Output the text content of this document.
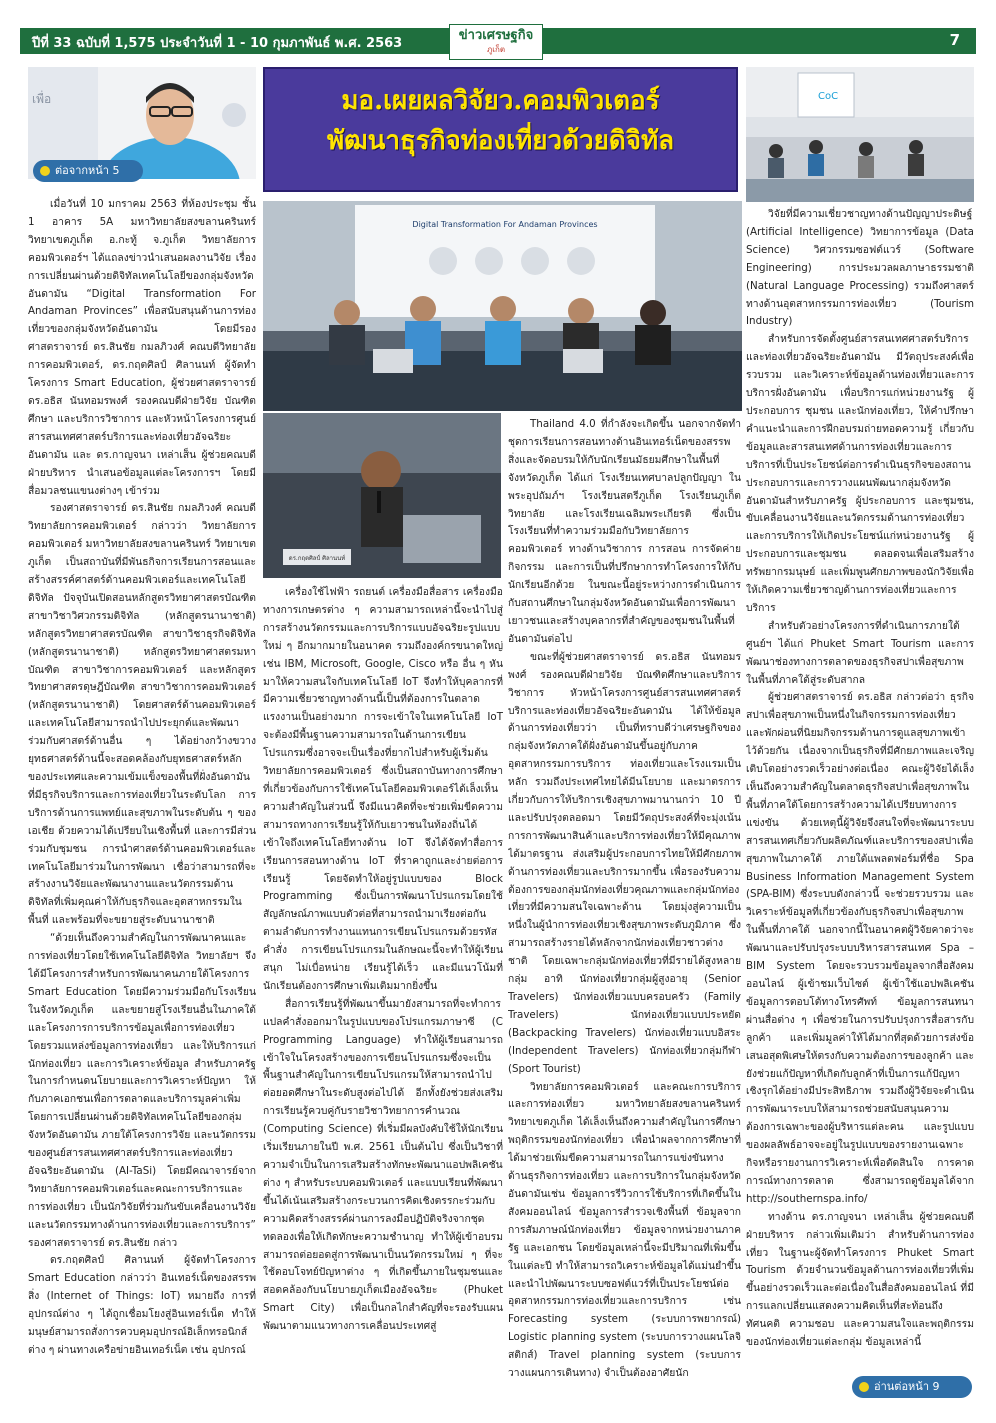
ปีที่ 33 ฉบับที่ 1,575 ประจำวันที่ 1 - 10 กุมภาพันธ์ พ.ศ. 2563	7
ข่าวเศรษฐกิจ
ภูเก็ต
เพื่อ
ต่อจากหน้า 5
มอ.เผยผลวิจัยว.คอมพิวเตอร์
พัฒนาธุรกิจท่องเที่ยวด้วยดิจิทัล
CoC
Digital Transformation For Andaman Provinces
ดร.กฤตศิลป์ ศิลานนท์

เมื่อวันที่ 10 มกราคม 2563 ที่ห้องประชุม ชั้น 1 อาคาร 5A มหาวิทยาลัยสงขลานครินทร์ วิทยาเขตภูเก็ต อ.กะทู้ จ.ภูเก็ต วิทยาลัยการคอมพิวเตอร์ฯ ได้แถลงข่าวนำเสนอผลงานวิจัย เรื่อง การเปลี่ยนผ่านด้วยดิจิทัลเทคโนโลยีของกลุ่มจังหวัดอันดามัน “Digital Transformation For Andaman Provinces” เพื่อสนับสนุนด้านการท่องเที่ยวของกลุ่มจังหวัดอันดามัน โดยมีรองศาสตราจารย์ ดร.สินชัย กมลภิวงศ์ คณบดีวิทยาลัยการคอมพิวเตอร์, ดร.กฤตศิลป์ ศิลานนท์ ผู้จัดทำโครงการ Smart Education, ผู้ช่วยศาสตราจารย์ ดร.อธิส นันทอมรพงศ์ รองคณบดีฝ่ายวิจัย บัณฑิตศึกษา และบริการวิชาการ และหัวหน้าโครงการศูนย์สารสนเทศศาสตร์บริการและท่องเที่ยวอัจฉริยะอันดามัน และ ดร.กาญจนา เหล่าเส็น ผู้ช่วยคณบดีฝ่ายบริหาร นำเสนอข้อมูลแต่ละโครงการฯ โดยมีสื่อมวลชนแขนงต่างๆ เข้าร่วม

รองศาสตราจารย์ ดร.สินชัย กมลภิวงศ์ คณบดีวิทยาลัยการคอมพิวเตอร์ กล่าวว่า วิทยาลัยการคอมพิวเตอร์ มหาวิทยาลัยสงขลานครินทร์ วิทยาเขตภูเก็ต เป็นสถาบันที่มีพันธกิจการเรียนการสอนและสร้างสรรค์ศาสตร์ด้านคอมพิวเตอร์และเทคโนโลยีดิจิทัล ปัจจุบันเปิดสอนหลักสูตรวิทยาศาสตรบัณฑิต สาขาวิชาวิศวกรรมดิจิทัล (หลักสูตรนานาชาติ) หลักสูตรวิทยาศาสตรบัณฑิต สาขาวิชาธุรกิจดิจิทัล (หลักสูตรนานาชาติ) หลักสูตรวิทยาศาสตรมหาบัณฑิต สาขาวิชาการคอมพิวเตอร์ และหลักสูตรวิทยาศาสตรดุษฎีบัณฑิต สาขาวิชาการคอมพิวเตอร์ (หลักสูตรนานาชาติ) โดยศาสตร์ด้านคอมพิวเตอร์และเทคโนโลยีสามารถนำไปประยุกต์และพัฒนาร่วมกับศาสตร์ด้านอื่น ๆ ได้อย่างกว้างขวาง ยุทธศาสตร์ด้านนี้จะสอดคล้องกับยุทธศาสตร์หลักของประเทศและความเข้มแข็งของพื้นที่ฝั่งอันดามันที่มีธุรกิจบริการและการท่องเที่ยวในระดับโลก การบริการด้านการแพทย์และสุขภาพในระดับต้น ๆ ของเอเชีย ด้วยความได้เปรียบในเชิงพื้นที่ และการมีส่วนร่วมกับชุมชน การนำศาสตร์ด้านคอมพิวเตอร์และเทคโนโลยีมาร่วมในการพัฒนา เชื่อว่าสามารถที่จะสร้างงานวิจัยและพัฒนางานและนวัตกรรมด้านดิจิทัลที่เพิ่มคุณค่าให้กับธุรกิจและอุตสาหกรรมในพื้นที่ และพร้อมที่จะขยายสู่ระดับนานาชาติ

“ด้วยเห็นถึงความสำคัญในการพัฒนาคนและการท่องเที่ยวโดยใช้เทคโนโลยีดิจิทัล วิทยาลัยฯ จึงได้มีโครงการสำหรับการพัฒนาคนภายใต้โครงการ Smart Education โดยมีความร่วมมือกับโรงเรียนในจังหวัดภูเก็ต และขยายสู่โรงเรียนอื่นในภาคใต้ และโครงการการบริการข้อมูลเพื่อการท่องเที่ยว โดยรวมแหล่งข้อมูลการท่องเที่ยว และให้บริการแก่นักท่องเที่ยว และการวิเคราะห์ข้อมูล สำหรับภาครัฐในการกำหนดนโยบายและการวิเคราะห์ปัญหา ให้กับภาคเอกชนเพื่อการตลาดและบริการมูลค่าเพิ่ม โดยการเปลี่ยนผ่านด้วยดิจิทัลเทคโนโลยีของกลุ่มจังหวัดอันดามัน ภายใต้โครงการวิจัย และนวัตกรรมของศูนย์สารสนเทศศาสตร์บริการและท่องเที่ยวอัจฉริยะอันดามัน (AI-TaSi) โดยมีคณาจารย์จากวิทยาลัยการคอมพิวเตอร์และคณะการบริการและการท่องเที่ยว เป็นนักวิจัยที่ร่วมกันขับเคลื่อนงานวิจัยและนวัตกรรมทางด้านการท่องเที่ยวและการบริการ” รองศาสตราจารย์ ดร.สินชัย กล่าว

ดร.กฤตศิลป์ ศิลานนท์ ผู้จัดทำโครงการ Smart Education กล่าวว่า อินเทอร์เน็ตของสรรพสิ่ง (Internet of Things: IoT) หมายถึง การที่อุปกรณ์ต่าง ๆ ได้ถูกเชื่อมโยงสู่อินเทอร์เน็ต ทำให้มนุษย์สามารถสั่งการควบคุมอุปกรณ์อิเล็กทรอนิกส์ต่าง ๆ ผ่านทางเครือข่ายอินเทอร์เน็ต เช่น อุปกรณ์

เครื่องใช้ไฟฟ้า รถยนต์ เครื่องมือสื่อสาร เครื่องมือทางการเกษตรต่าง ๆ ความสามารถเหล่านี้จะนำไปสู่การสร้างนวัตกรรมและการบริการแบบอัจฉริยะรูปแบบใหม่ ๆ อีกมากมายในอนาคต รวมถึงองค์กรขนาดใหญ่ เช่น IBM, Microsoft, Google, Cisco หรือ อื่น ๆ หันมาให้ความสนใจกับเทคโนโลยี IoT จึงทำให้บุคลากรที่มีความเชี่ยวชาญทางด้านนี้เป็นที่ต้องการในตลาดแรงงานเป็นอย่างมาก การจะเข้าใจในเทคโนโลยี IoT จะต้องมีพื้นฐานความสามารถในด้านการเขียนโปรแกรมซึ่งอาจจะเป็นเรื่องที่ยากไปสำหรับผู้เริ่มต้น วิทยาลัยการคอมพิวเตอร์ ซึ่งเป็นสถาบันทางการศึกษาที่เกี่ยวข้องกับการใช้เทคโนโลยีคอมพิวเตอร์ได้เล็งเห็นความสำคัญในส่วนนี้ จึงมีแนวคิดที่จะช่วยเพิ่มขีดความสามารถทางการเรียนรู้ให้กับเยาวชนในท้องถิ่นได้เข้าใจถึงเทคโนโลยีทางด้าน IoT จึงได้จัดทำสื่อการเรียนการสอนทางด้าน IoT ที่ราคาถูกและง่ายต่อการเรียนรู้ โดยจัดทำให้อยู่รูปแบบของ Block Programming ซึ่งเป็นการพัฒนาโปรแกรมโดยใช้สัญลักษณ์ภาพแบบตัวต่อที่สามารถนำมาเรียงต่อกันตามลำดับการทำงานแทนการเขียนโปรแกรมด้วยรหัสคำสั่ง การเขียนโปรแกรมในลักษณะนี้จะทำให้ผู้เรียนสนุก ไม่เบื่อหน่าย เรียนรู้ได้เร็ว และมีแนวโน้มที่นักเรียนต้องการศึกษาเพิ่มเติมมากยิ่งขึ้น

สื่อการเรียนรู้ที่พัฒนาขึ้นมายังสามารถที่จะทำการแปลคำสั่งออกมาในรูปแบบของโปรแกรมภาษาซี (C Programming Language) ทำให้ผู้เรียนสามารถเข้าใจในโครงสร้างของการเขียนโปรแกรมซึ่งจะเป็นพื้นฐานสำคัญในการเขียนโปรแกรมให้สามารถนำไปต่อยอดศึกษาในระดับสูงต่อไปได้ อีกทั้งยังช่วยส่งเสริมการเรียนรู้ควบคู่กับรายวิชาวิทยาการคำนวณ (Computing Science) ที่เริ่มมีผลบังคับใช้ให้นักเรียนเริ่มเรียนภายในปี พ.ศ. 2561 เป็นต้นไป ซึ่งเป็นวิชาที่ความจำเป็นในการเสริมสร้างทักษะพัฒนาแอปพลิเคชันต่าง ๆ สำหรับระบบคอมพิวเตอร์ และแบบเรียนที่พัฒนาขึ้นได้เน้นเสริมสร้างกระบวนการคิดเชิงตรรกะร่วมกับความคิดสร้างสรรค์ผ่านการลงมือปฏิบัติจริงจากชุดทดลองเพื่อให้เกิดทักษะความชำนาญ ทำให้ผู้เข้าอบรมสามารถต่อยอดสู่การพัฒนาเป็นนวัตกรรมใหม่ ๆ ที่จะใช้ตอบโจทย์ปัญหาต่าง ๆ ที่เกิดขึ้นภายในชุมชนและสอดคล้องกับนโยบายภูเก็ตเมืองอัจฉริยะ (Phuket Smart City) เพื่อเป็นกลไกสำคัญที่จะรองรับแผนพัฒนาตามแนวทางการเคลื่อนประเทศสู่

Thailand 4.0 ที่กำลังจะเกิดขึ้น นอกจากจัดทำชุดการเรียนการสอนทางด้านอินเทอร์เน็ตของสรรพสิ่งและจัดอบรมให้กับนักเรียนมัธยมศึกษาในพื้นที่จังหวัดภูเก็ต ได้แก่ โรงเรียนเทศบาลปลูกปัญญา ในพระอุปถัมภ์ฯ โรงเรียนสตรีภูเก็ต โรงเรียนภูเก็ตวิทยาลัย และโรงเรียนเฉลิมพระเกียรติ ซึ่งเป็นโรงเรียนที่ทำความร่วมมือกับวิทยาลัยการคอมพิวเตอร์ ทางด้านวิชาการ การสอน การจัดค่ายกิจกรรม และการเป็นที่ปรึกษาการทำโครงการให้กับนักเรียนอีกด้วย ในขณะนี้อยู่ระหว่างการดำเนินการกับสถานศึกษาในกลุ่มจังหวัดอันดามันเพื่อการพัฒนาเยาวชนและสร้างบุคลากรที่สำคัญของชุมชนในพื้นที่อันดามันต่อไป

ขณะที่ผู้ช่วยศาสตราจารย์ ดร.อธิส นันทอมรพงศ์ รองคณบดีฝ่ายวิจัย บัณฑิตศึกษาและบริการวิชาการ หัวหน้าโครงการศูนย์สารสนเทศศาสตร์บริการและท่องเที่ยวอัจฉริยะอันดามัน ได้ให้ข้อมูลด้านการท่องเที่ยวว่า เป็นที่ทราบดีว่าเศรษฐกิจของกลุ่มจังหวัดภาคใต้ฝั่งอันดามันขึ้นอยู่กับภาคอุตสาหกรรมการบริการ ท่องเที่ยวและโรงแรมเป็นหลัก รวมถึงประเทศไทยได้มีนโยบาย และมาตรการเกี่ยวกับการให้บริการเชิงสุขภาพมานานกว่า 10 ปี และปรับปรุงตลอดมา โดยมีวัตถุประสงค์ที่จะมุ่งเน้นการการพัฒนาสินค้าและบริการท่องเที่ยวให้มีคุณภาพได้มาตรฐาน ส่งเสริมผู้ประกอบการไทยให้มีศักยภาพด้านการท่องเที่ยวและบริการมากขึ้น เพื่อรองรับความต้องการของกลุ่มนักท่องเที่ยวคุณภาพและกลุ่มนักท่องเที่ยวที่มีความสนใจเฉพาะด้าน โดยมุ่งสู่ความเป็นหนึ่งในผู้นำการท่องเที่ยวเชิงสุขภาพระดับภูมิภาค ซึ่งสามารถสร้างรายได้หลักจากนักท่องเที่ยวชาวต่างชาติ โดยเฉพาะกลุ่มนักท่องเที่ยวที่มีรายได้สูงหลายกลุ่ม อาทิ นักท่องเที่ยวกลุ่มผู้สูงอายุ (Senior Travelers) นักท่องเที่ยวแบบครอบครัว (Family Travelers) นักท่องเที่ยวแบบประหยัด (Backpacking Travelers) นักท่องเที่ยวแบบอิสระ (Independent Travelers) นักท่องเที่ยวกลุ่มกีฬา (Sport Tourist)

วิทยาลัยการคอมพิวเตอร์ และคณะการบริการและการท่องเที่ยว มหาวิทยาลัยสงขลานครินทร์ วิทยาเขตภูเก็ต ได้เล็งเห็นถึงความสำคัญในการศึกษาพฤติกรรมของนักท่องเที่ยว เพื่อนำผลจากการศึกษาที่ได้มาช่วยเพิ่มขีดความสามารถในการแข่งขันทางด้านธุรกิจการท่องเที่ยว และการบริการในกลุ่มจังหวัดอันดามันเช่น ข้อมูลการรีวิวการใช้บริการที่เกิดขึ้นในสังคมออนไลน์ ข้อมูลการสำรวจเชิงพื้นที่ ข้อมูลจากการสัมภาษณ์นักท่องเที่ยว ข้อมูลจากหน่วยงานภาครัฐ และเอกชน โดยข้อมูลเหล่านี้จะมีปริมาณที่เพิ่มขึ้นในแต่ละปี ทำให้สามารถวิเคราะห์ข้อมูลได้แม่นยำขึ้น และนำไปพัฒนาระบบซอฟต์แวร์ที่เป็นประโยชน์ต่ออุตสาหกรรมการท่องเที่ยวและการบริการ เช่น Forecasting system (ระบบการพยากรณ์) Logistic planning system (ระบบการวางแผนโลจิสติกส์) Travel planning system (ระบบการวางแผนการเดินทาง) จำเป็นต้องอาศัยนัก

วิจัยที่มีความเชี่ยวชาญทางด้านปัญญาประดิษฐ์ (Artificial Intelligence) วิทยาการข้อมูล (Data Science) วิศวกรรมซอฟต์แวร์ (Software Engineering) การประมวลผลภาษาธรรมชาติ (Natural Language Processing) รวมถึงศาสตร์ทางด้านอุตสาหกรรมการท่องเที่ยว (Tourism Industry)

สำหรับการจัดตั้งศูนย์สารสนเทศศาสตร์บริการและท่องเที่ยวอัจฉริยะอันดามัน มีวัตถุประสงค์เพื่อรวบรวม และวิเคราะห์ข้อมูลด้านท่องเที่ยวและการบริการฝั่งอันดามัน เพื่อบริการแก่หน่วยงานรัฐ ผู้ประกอบการ ชุมชน และนักท่องเที่ยว, ให้คำปรึกษา คำแนะนำและการฝึกอบรมถ่ายทอดความรู้ เกี่ยวกับข้อมูลและสารสนเทศด้านการท่องเที่ยวและการบริการที่เป็นประโยชน์ต่อการดำเนินธุรกิจของสถานประกอบการและการวางแผนพัฒนากลุ่มจังหวัดอันดามันสำหรับภาครัฐ ผู้ประกอบการ และชุมชน, ขับเคลื่อนงานวิจัยและนวัตกรรมด้านการท่องเที่ยวและการบริการให้เกิดประโยชน์แก่หน่วยงานรัฐ ผู้ประกอบการและชุมชน ตลอดจนเพื่อเสริมสร้างทรัพยากรมนุษย์ และเพิ่มพูนศักยภาพของนักวิจัยเพื่อให้เกิดความเชี่ยวชาญด้านการท่องเที่ยวและการบริการ

สำหรับตัวอย่างโครงการที่ดำเนินการภายใต้ศูนย์ฯ ได้แก่ Phuket Smart Tourism และการพัฒนาช่องทางการตลาดของธุรกิจสปาเพื่อสุขภาพ ในพื้นที่ภาคใต้สู่ระดับสากล

ผู้ช่วยศาสตราจารย์ ดร.อธิส กล่าวต่อว่า ธุรกิจสปาเพื่อสุขภาพเป็นหนึ่งในกิจกรรมการท่องเที่ยวและพักผ่อนที่นิยมกิจกรรมด้านการดูแลสุขภาพเข้าไว้ด้วยกัน เนื่องจากเป็นธุรกิจที่มีศักยภาพและเจริญเติบโตอย่างรวดเร็วอย่างต่อเนื่อง คณะผู้วิจัยได้เล็งเห็นถึงความสำคัญในตลาดธุรกิจสปาเพื่อสุขภาพในพื้นที่ภาคใต้โดยการสร้างความได้เปรียบทางการแข่งขัน ด้วยเหตุนี้ผู้วิจัยจึงสนใจที่จะพัฒนาระบบสารสนเทศเกี่ยวกับผลิตภัณฑ์และบริการของสปาเพื่อสุขภาพในภาคใต้ ภายใต้แพลตฟอร์มที่ชื่อ Spa Business Information Management System (SPA-BIM) ซึ่งระบบดังกล่าวนี้ จะช่วยรวบรวม และวิเคราะห์ข้อมูลที่เกี่ยวข้องกับธุรกิจสปาเพื่อสุขภาพในพื้นที่ภาคใต้ นอกจากนี้ในอนาคตผู้วิจัยคาดว่าจะพัฒนาและปรับปรุงระบบบริหารสารสนเทศ Spa – BIM System โดยจะรวบรวมข้อมูลจากสื่อสังคมออนไลน์ ผู้เข้าชมเว็บไซต์ ผู้เข้าใช้แอปพลิเคชัน ข้อมูลการตอบโต้ทางโทรศัพท์ ข้อมูลการสนทนาผ่านสื่อต่าง ๆ เพื่อช่วยในการปรับปรุงการสื่อสารกับลูกค้า และเพิ่มมูลค่าให้ได้มากที่สุดด้วยการส่งข้อเสนอสุดพิเศษให้ตรงกับความต้องการของลูกค้า และยังช่วยแก้ปัญหาที่เกิดกับลูกค้าที่เป็นการแก้ปัญหาเชิงรุกได้อย่างมีประสิทธิภาพ รวมถึงผู้วิจัยจะดำเนินการพัฒนาระบบให้สามารถช่วยสนับสนุนความต้องการเฉพาะของผู้บริหารแต่ละคน และรูปแบบของผลลัพธ์อาจจะอยู่ในรูปแบบของรายงานเฉพาะกิจหรือรายงานการวิเคราะห์เพื่อตัดสินใจ การคาดการณ์ทางการตลาด ซึ่งสามารถดูข้อมูลได้จาก http://southernspa.info/

ทางด้าน ดร.กาญจนา เหล่าเส็น ผู้ช่วยคณบดีฝ่ายบริหาร กล่าวเพิ่มเติมว่า สำหรับด้านการท่องเที่ยว ในฐานะผู้จัดทำโครงการ Phuket Smart Tourism ด้วยจำนวนข้อมูลด้านการท่องเที่ยวที่เพิ่มขึ้นอย่างรวดเร็วและต่อเนื่องในสื่อสังคมออนไลน์ ที่มีการแลกเปลี่ยนแสดงความคิดเห็นที่สะท้อนถึงทัศนคติ ความชอบ และความสนใจและพฤติกรรมของนักท่องเที่ยวแต่ละกลุ่ม ข้อมูลเหล่านี้

อ่านต่อหน้า 9
